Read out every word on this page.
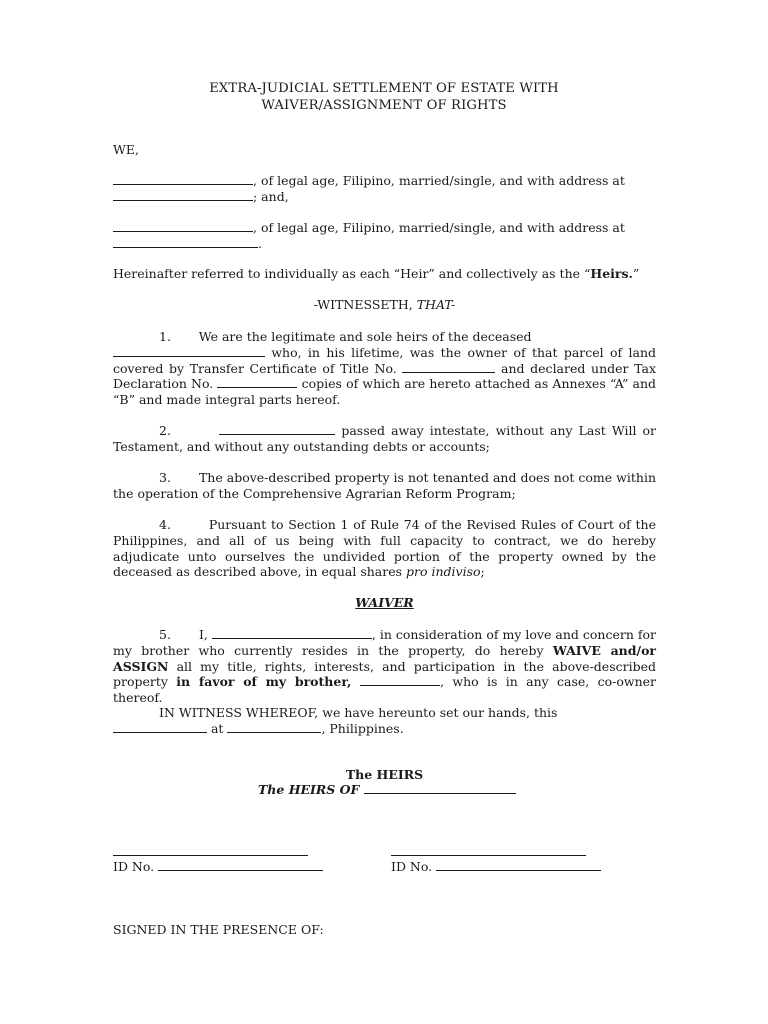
EXTRA-JUDICIAL SETTLEMENT OF ESTATE WITH
WAIVER/ASSIGNMENT OF RIGHTS

WE,

, of legal age, Filipino, married/single, and with address at
; and,

, of legal age, Filipino, married/single, and with address at
.

Hereinafter referred to individually as each “Heir” and collectively as the “Heirs.”

-WITNESSETH, THAT-

1. We are the legitimate and sole heirs of the deceased

who, in his lifetime, was the owner of that parcel of land covered by Transfer Certificate of Title No.	and declared under Tax Declaration No.	copies of which are hereto attached as Annexes “A” and “B” and made integral parts hereof.

2.	passed away intestate, without any Last Will or Testament, and without any outstanding debts or accounts;

3. The above-described property is not tenanted and does not come within the operation of the Comprehensive Agrarian Reform Program;

4.	Pursuant to Section 1 of Rule 74 of the Revised Rules of Court of the Philippines, and all of us being with full capacity to contract, we do hereby adjudicate unto ourselves the undivided portion of the property owned by the deceased as described above, in equal shares pro indiviso;

WAIVER

5. I,	, in consideration of my love and concern for my brother who currently resides in the property, do hereby WAIVE and/or ASSIGN all my title, rights, interests, and participation in the above-described property in favor of my brother,	, who is in any case, co-owner thereof.

IN WITNESS WHEREOF, we have hereunto set our hands, this

at	, Philippines.

The HEIRS

The HEIRS OF

ID No.	ID No.

SIGNED IN THE PRESENCE OF:
